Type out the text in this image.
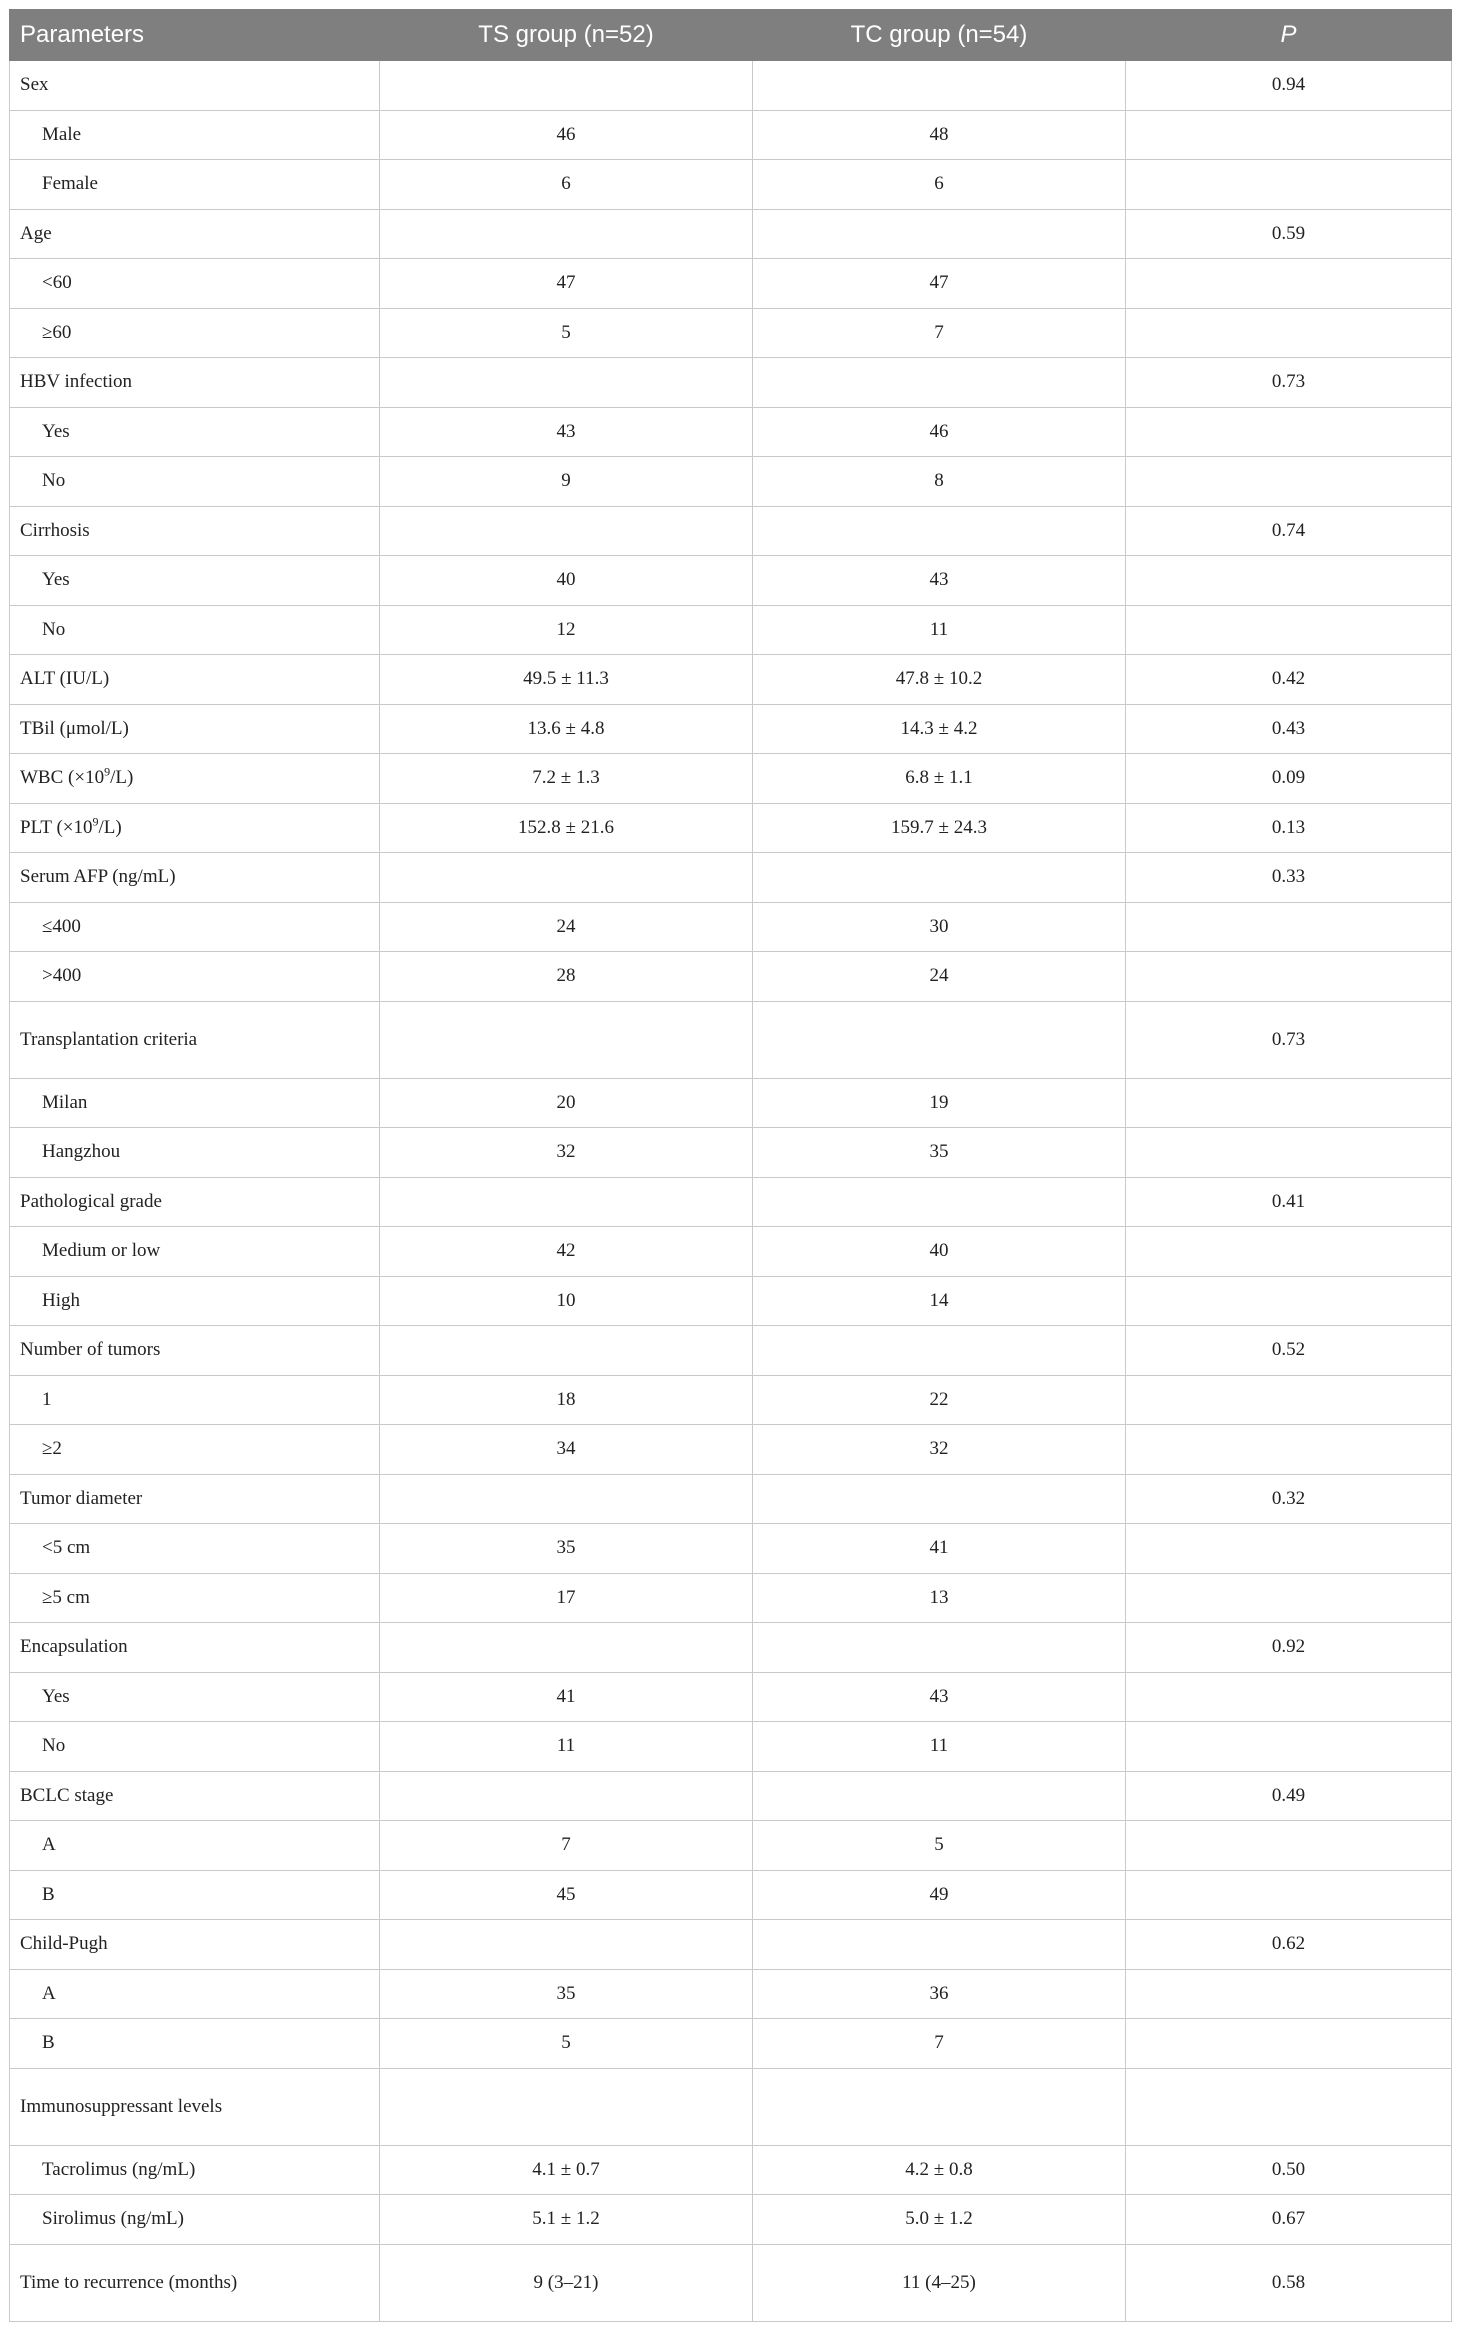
Parameters	TS group (n=52)	TC group (n=54)	P
Sex			0.94
Male	46	48	
Female	6	6	
Age			0.59
<60	47	47	
≥60	5	7	
HBV infection			0.73
Yes	43	46	
No	9	8	
Cirrhosis			0.74
Yes	40	43	
No	12	11	
ALT (IU/L)	49.5 ± 11.3	47.8 ± 10.2	0.42
TBil (μmol/L)	13.6 ± 4.8	14.3 ± 4.2	0.43
WBC $(\times 10^9/L)$	7.2 ± 1.3	6.8 ± 1.1	0.09
PLT $(\times 10^9/L)$	152.8 ± 21.6	159.7 ± 24.3	0.13
Serum AFP (ng/mL)			0.33
≤400	24	30	
>400	28	24	
Transplantation criteria			0.73
Milan	20	19	
Hangzhou	32	35	
Pathological grade			0.41
Medium or low	42	40	
High	10	14	
Number of tumors			0.52
1	18	22	
≥2	34	32	
Tumor diameter			0.32
<5 cm	35	41	
≥5 cm	17	13	
Encapsulation			0.92
Yes	41	43	
No	11	11	
BCLC stage			0.49
A	7	5	
B	45	49	
Child-Pugh			0.62
A	35	36	
B	5	7	
Immunosuppressant levels			
Tacrolimus (ng/mL)	4.1 ± 0.7	4.2 ± 0.8	0.50
Sirolimus (ng/mL)	5.1 ± 1.2	5.0 ± 1.2	0.67
Time to recurrence (months)	9 (3–21)	11 (4–25)	0.58
